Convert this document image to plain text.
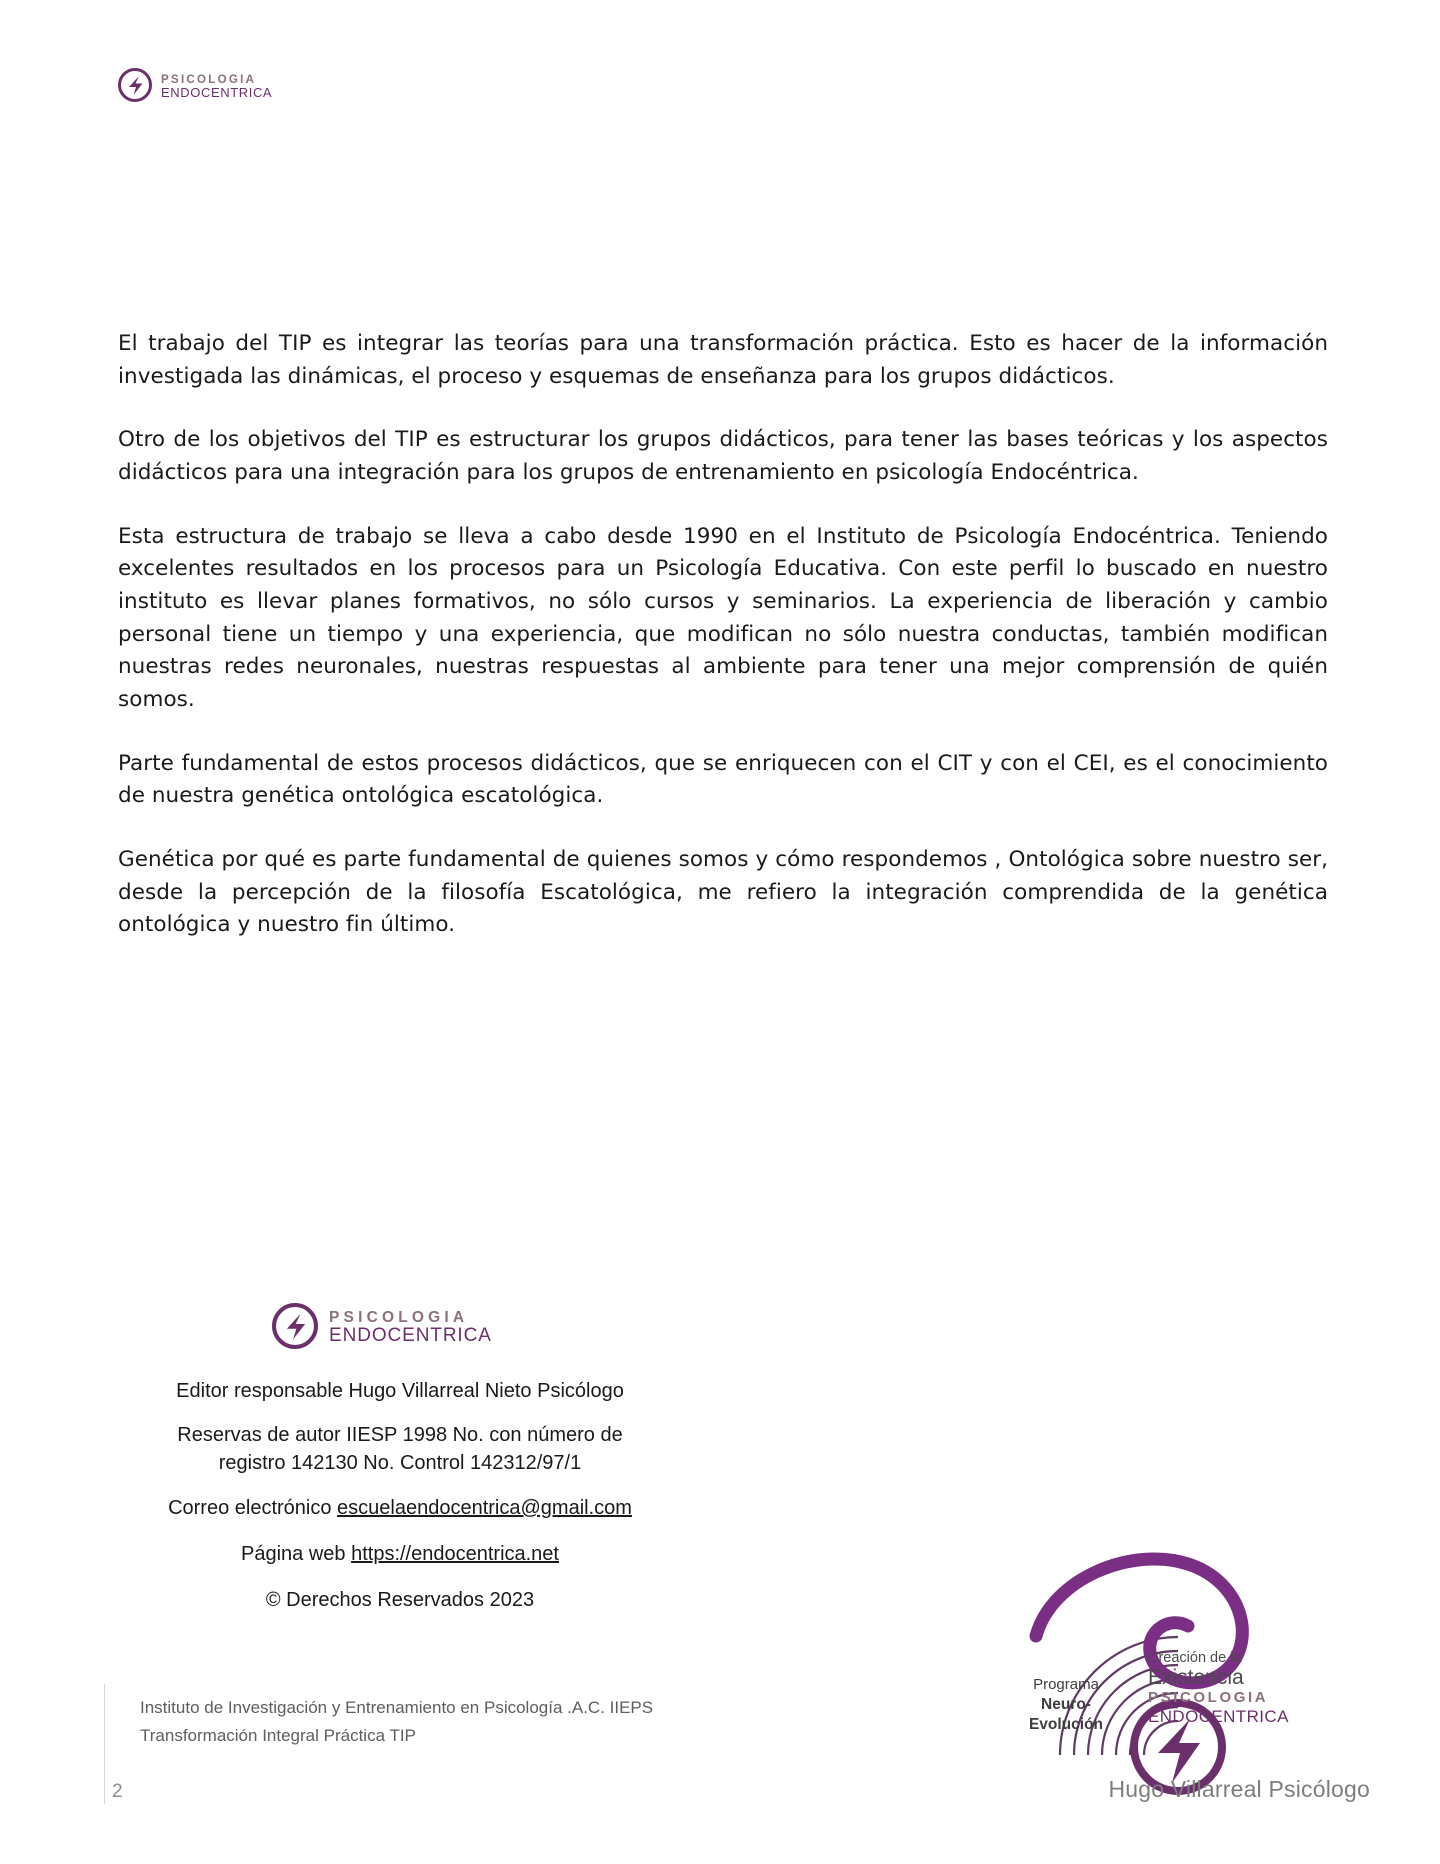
PSICOLOGIA
ENDOCENTRICA

El trabajo del TIP es integrar las teorías para una transformación práctica. Esto es hacer de la información investigada las dinámicas, el proceso y esquemas de enseñanza para los grupos didácticos.

Otro de los objetivos del TIP es estructurar los grupos didácticos, para tener las bases teóricas y los aspectos didácticos para una integración para los grupos de entrenamiento en psicología Endocéntrica.

Esta estructura de trabajo se lleva a cabo desde 1990 en el Instituto de Psicología Endocéntrica. Teniendo excelentes resultados en los procesos para un Psicología Educativa. Con este perfil lo buscado en nuestro instituto es llevar planes formativos, no sólo cursos y seminarios. La experiencia de liberación y cambio personal tiene un tiempo y una experiencia, que modifican no sólo nuestra conductas, también modifican nuestras redes neuronales, nuestras respuestas al ambiente para tener una mejor comprensión de quién somos.

Parte fundamental de estos procesos didácticos, que se enriquecen con el CIT y con el CEI, es el conocimiento de nuestra genética ontológica escatológica.

Genética por qué es parte fundamental de quienes somos y cómo respondemos , Ontológica sobre nuestro ser, desde la percepción de la filosofía Escatológica, me refiero la integración comprendida de la genética ontológica y nuestro fin último.

PSICOLOGIA
ENDOCENTRICA

Editor responsable Hugo Villarreal Nieto Psicólogo

Reservas de autor IIESP 1998 No. con número de
registro 142130 No. Control 142312/97/1

Correo electrónico escuelaendocentrica@gmail.com

Página web https://endocentrica.net

© Derechos Reservados 2023

Instituto de Investigación y Entrenamiento en Psicología .A.C. IIEPS
Transformación Integral Práctica TIP
2
Programa
Neuro-Evolución
Creación de la
Existencia
PSICOLOGIA
ENDOCENTRICA
Hugo Villarreal Psicólogo
